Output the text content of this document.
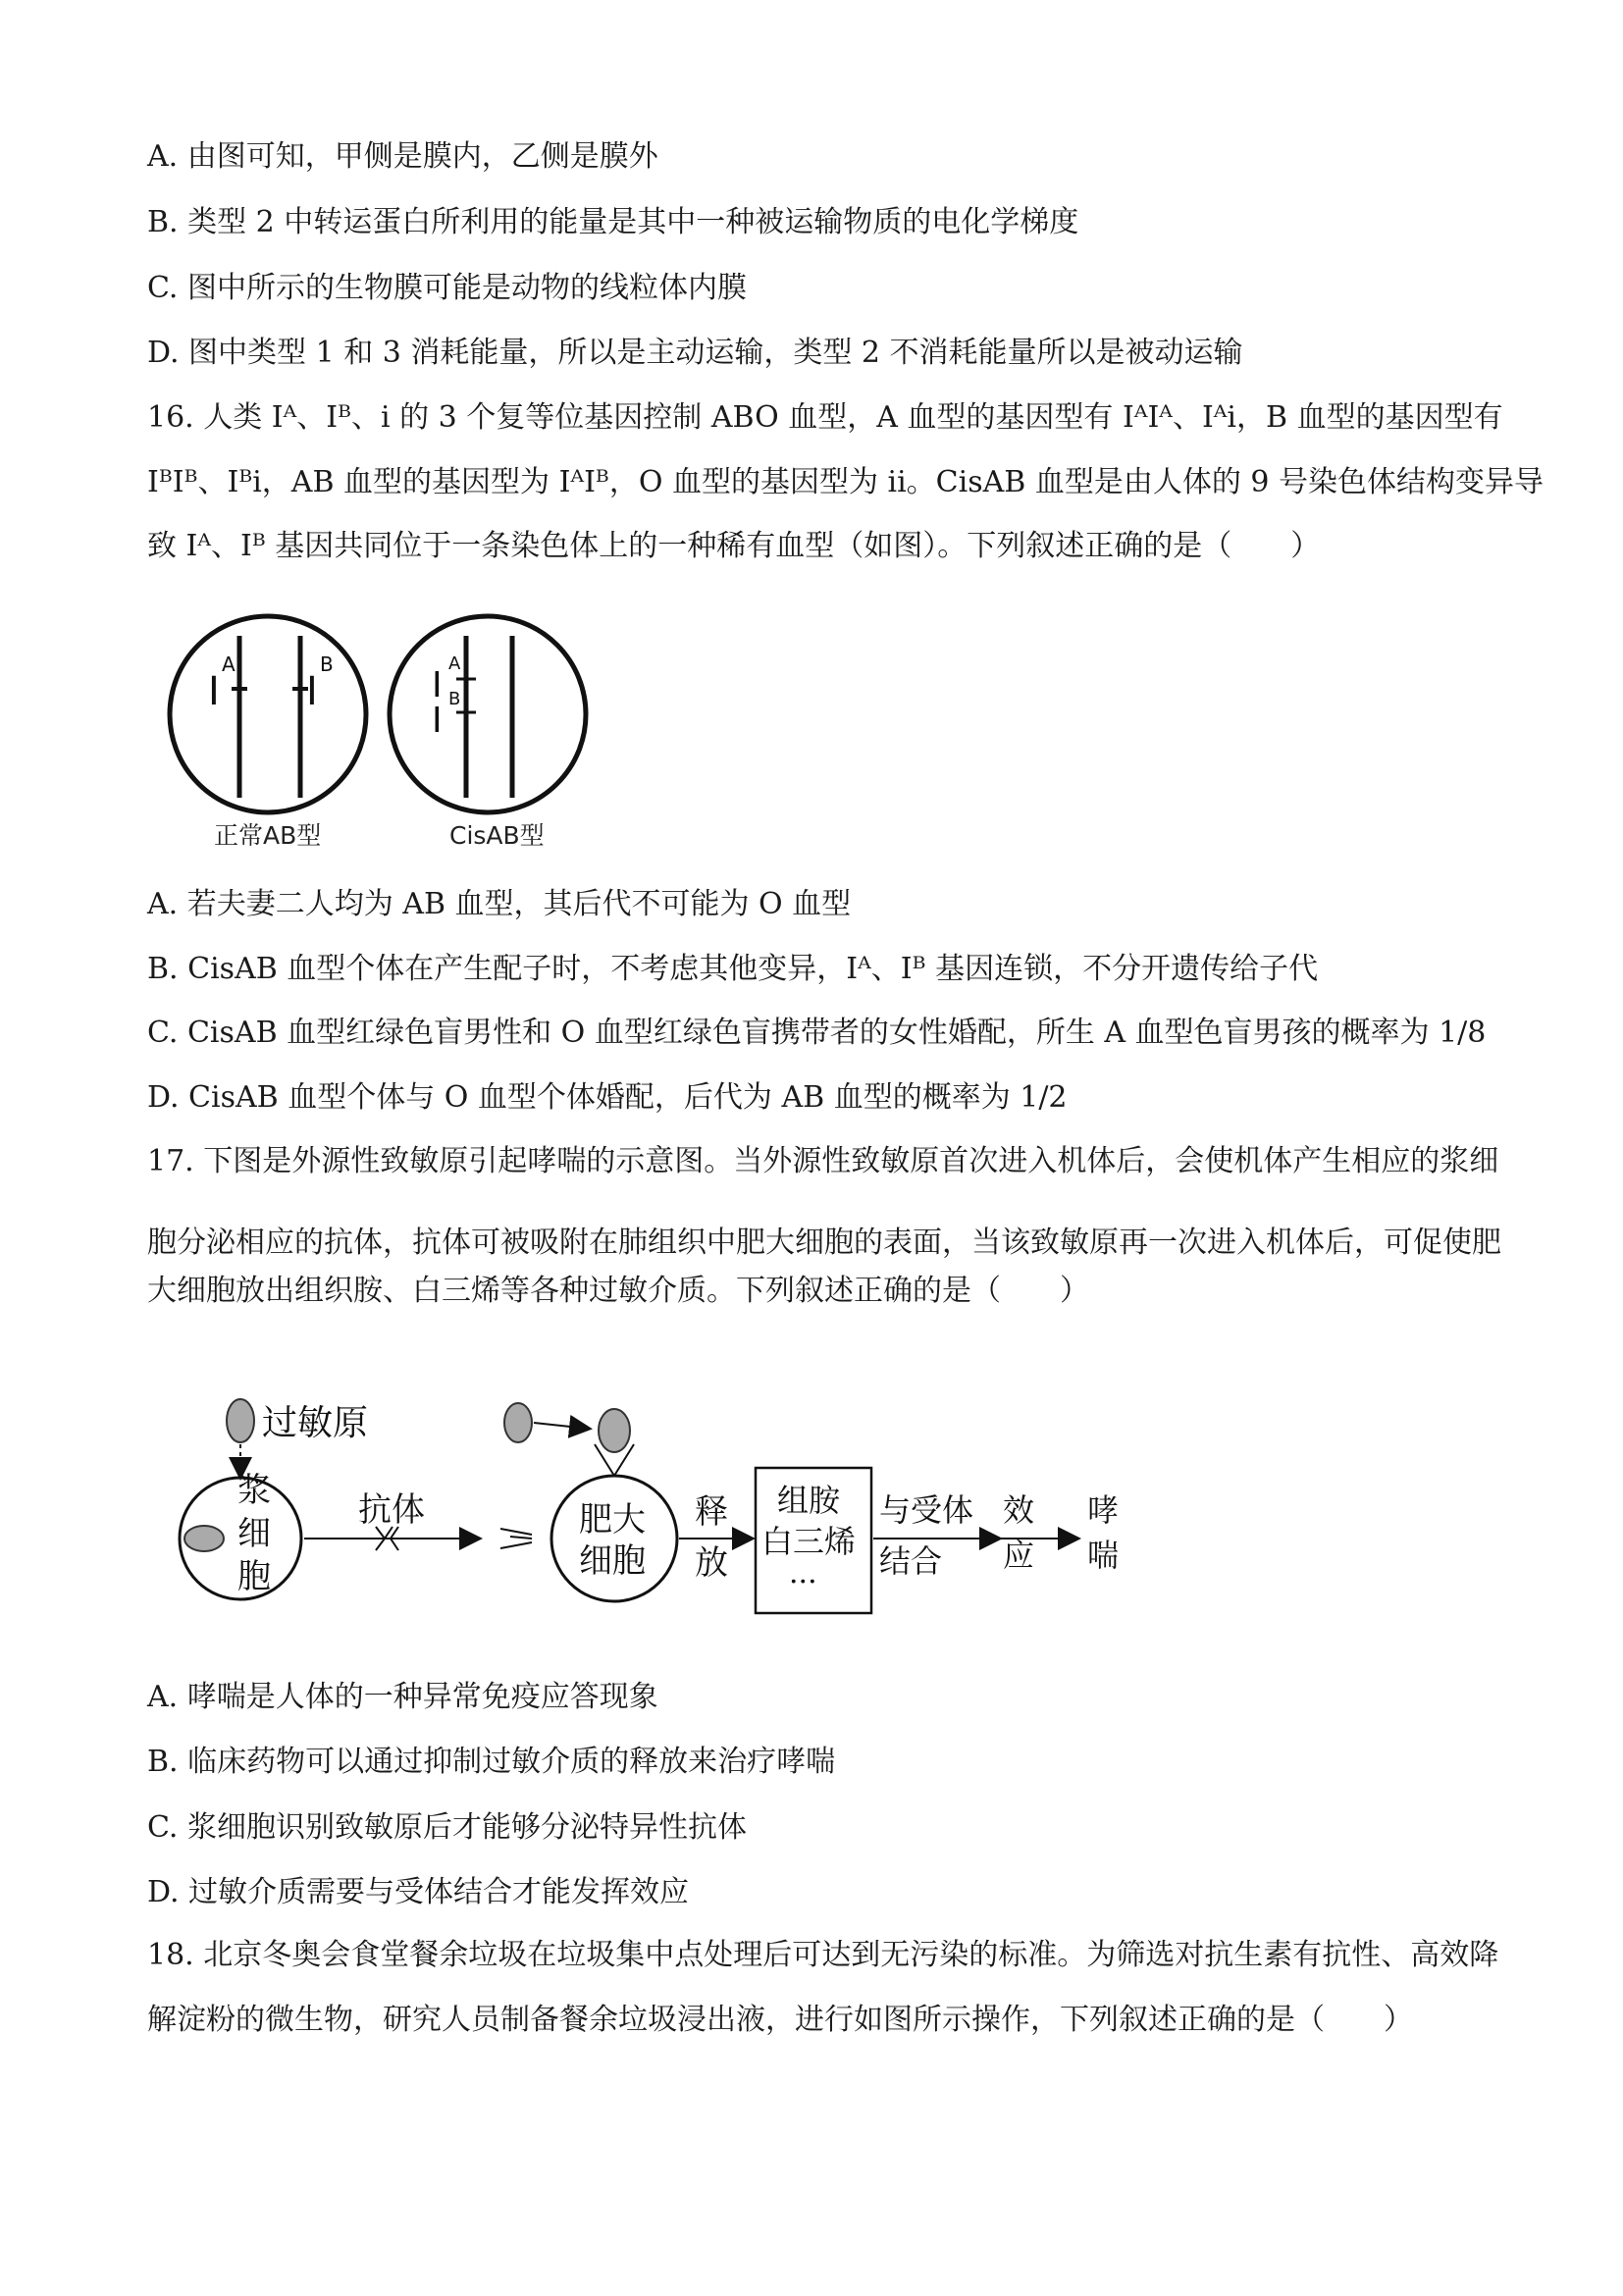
A. 由图可知，甲侧是膜内，乙侧是膜外
B. 类型 2 中转运蛋白所利用的能量是其中一种被运输物质的电化学梯度
C. 图中所示的生物膜可能是动物的线粒体内膜
D. 图中类型 1 和 3 消耗能量，所以是主动运输，类型 2 不消耗能量所以是被动运输
16. 人类 Iᴬ、Iᴮ、i 的 3 个复等位基因控制 ABO 血型，A 血型的基因型有 IᴬIᴬ、Iᴬi，B 血型的基因型有
IᴮIᴮ、Iᴮi，AB 血型的基因型为 IᴬIᴮ，O 血型的基因型为 ii。CisAB 血型是由人体的 9 号染色体结构变异导
致 Iᴬ、Iᴮ 基因共同位于一条染色体上的一种稀有血型（如图）。下列叙述正确的是（　　）
I
A
I
B
I
A
I
B
正常AB型	CisAB型
A. 若夫妻二人均为 AB 血型，其后代不可能为 O 血型
B. CisAB 血型个体在产生配子时，不考虑其他变异，Iᴬ、Iᴮ 基因连锁，不分开遗传给子代
C. CisAB 血型红绿色盲男性和 O 血型红绿色盲携带者的女性婚配，所生 A 血型色盲男孩的概率为 1/8
D. CisAB 血型个体与 O 血型个体婚配，后代为 AB 血型的概率为 1/2
17. 下图是外源性致敏原引起哮喘的示意图。当外源性致敏原首次进入机体后，会使机体产生相应的浆细
胞分泌相应的抗体，抗体可被吸附在肺组织中肥大细胞的表面，当该致敏原再一次进入机体后，可促使肥
大细胞放出组织胺、白三烯等各种过敏介质。下列叙述正确的是（　　）
过敏原
浆
细
胞
抗体	肥大
细胞
释
放
组胺
白三烯
···
与受体
结合
效
应
哮
喘
A. 哮喘是人体的一种异常免疫应答现象
B. 临床药物可以通过抑制过敏介质的释放来治疗哮喘
C. 浆细胞识别致敏原后才能够分泌特异性抗体
D. 过敏介质需要与受体结合才能发挥效应
18. 北京冬奥会食堂餐余垃圾在垃圾集中点处理后可达到无污染的标准。为筛选对抗生素有抗性、高效降
解淀粉的微生物，研究人员制备餐余垃圾浸出液，进行如图所示操作，下列叙述正确的是（　　）
